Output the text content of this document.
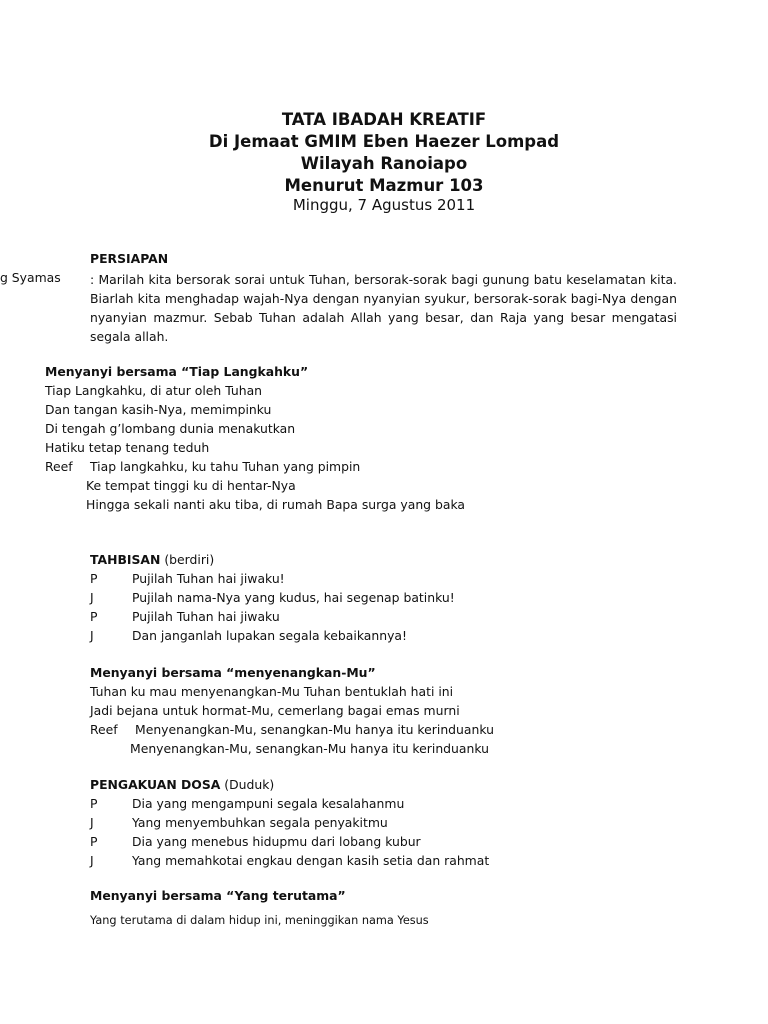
TATA IBADAH KREATIF
Di Jemaat GMIM Eben Haezer Lompad
Wilayah Ranoiapo
Menurut Mazmur 103
Minggu, 7 Agustus 2011
PERSIAPAN
g Syamas : Marilah kita bersorak sorai untuk Tuhan, bersorak-sorak bagi gunung batu keselamatan kita. Biarlah kita menghadap wajah-Nya dengan nyanyian syukur, bersorak-sorak bagi-Nya dengan nyanyian mazmur. Sebab Tuhan adalah Allah yang besar, dan Raja yang besar mengatasi segala allah.

Menyanyi bersama “Tiap Langkahku”
Tiap Langkahku, di atur oleh Tuhan
Dan tangan kasih-Nya, memimpinku
Di tengah g’lombang dunia menakutkan
Hatiku tetap tenang teduh
Reef Tiap langkahku, ku tahu Tuhan yang pimpin
Ke tempat tinggi ku di hentar-Nya
Hingga sekali nanti aku tiba, di rumah Bapa surga yang baka
TAHBISAN (berdiri)
P	Pujilah Tuhan hai jiwaku!
J	Pujilah nama-Nya yang kudus, hai segenap batinku!
P	Pujilah Tuhan hai jiwaku
J	Dan janganlah lupakan segala kebaikannya!
Menyanyi bersama “menyenangkan-Mu”
Tuhan ku mau menyenangkan-Mu Tuhan bentuklah hati ini
Jadi bejana untuk hormat-Mu, cemerlang bagai emas murni
Reef Menyenangkan-Mu, senangkan-Mu hanya itu kerinduanku
Menyenangkan-Mu, senangkan-Mu hanya itu kerinduanku
PENGAKUAN DOSA (Duduk)
P	Dia yang mengampuni segala kesalahanmu
J	Yang menyembuhkan segala penyakitmu
P	Dia yang menebus hidupmu dari lobang kubur
J	Yang memahkotai engkau dengan kasih setia dan rahmat
Menyanyi bersama “Yang terutama”
Yang terutama di dalam hidup ini, meninggikan nama Yesus
